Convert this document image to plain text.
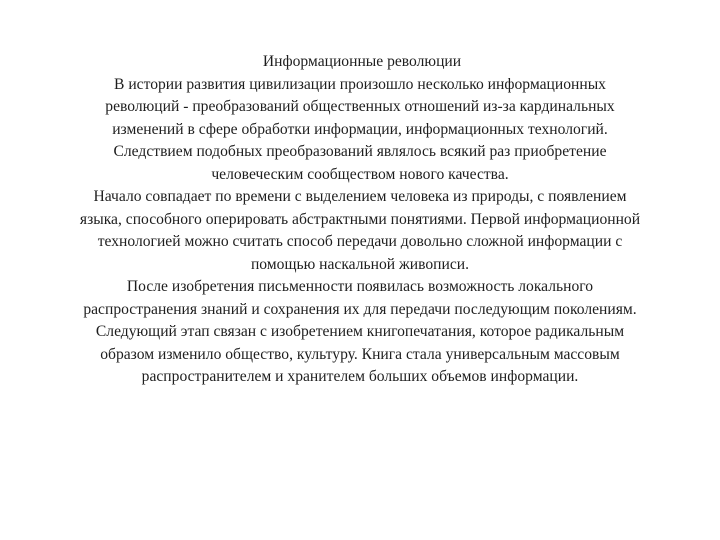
Информационные революции

В истории развития цивилизации произошло несколько информационных революций - преобразований общественных отношений из-за кардинальных изменений в сфере обработки информации, информационных технологий. Следствием подобных преобразований являлось всякий раз приобретение человеческим сообществом нового качества.

Начало совпадает по времени с выделением человека из природы, с появлением языка, способного оперировать абстрактными понятиями. Первой информационной технологией можно считать способ передачи довольно сложной информации с помощью наскальной живописи.

После изобретения письменности появилась возможность локального распространения знаний и сохранения их для передачи последующим поколениям.

Следующий этап связан с изобретением книгопечатания, которое радикальным образом изменило общество, культуру. Книга стала универсальным массовым распространителем и хранителем больших объемов информации.
